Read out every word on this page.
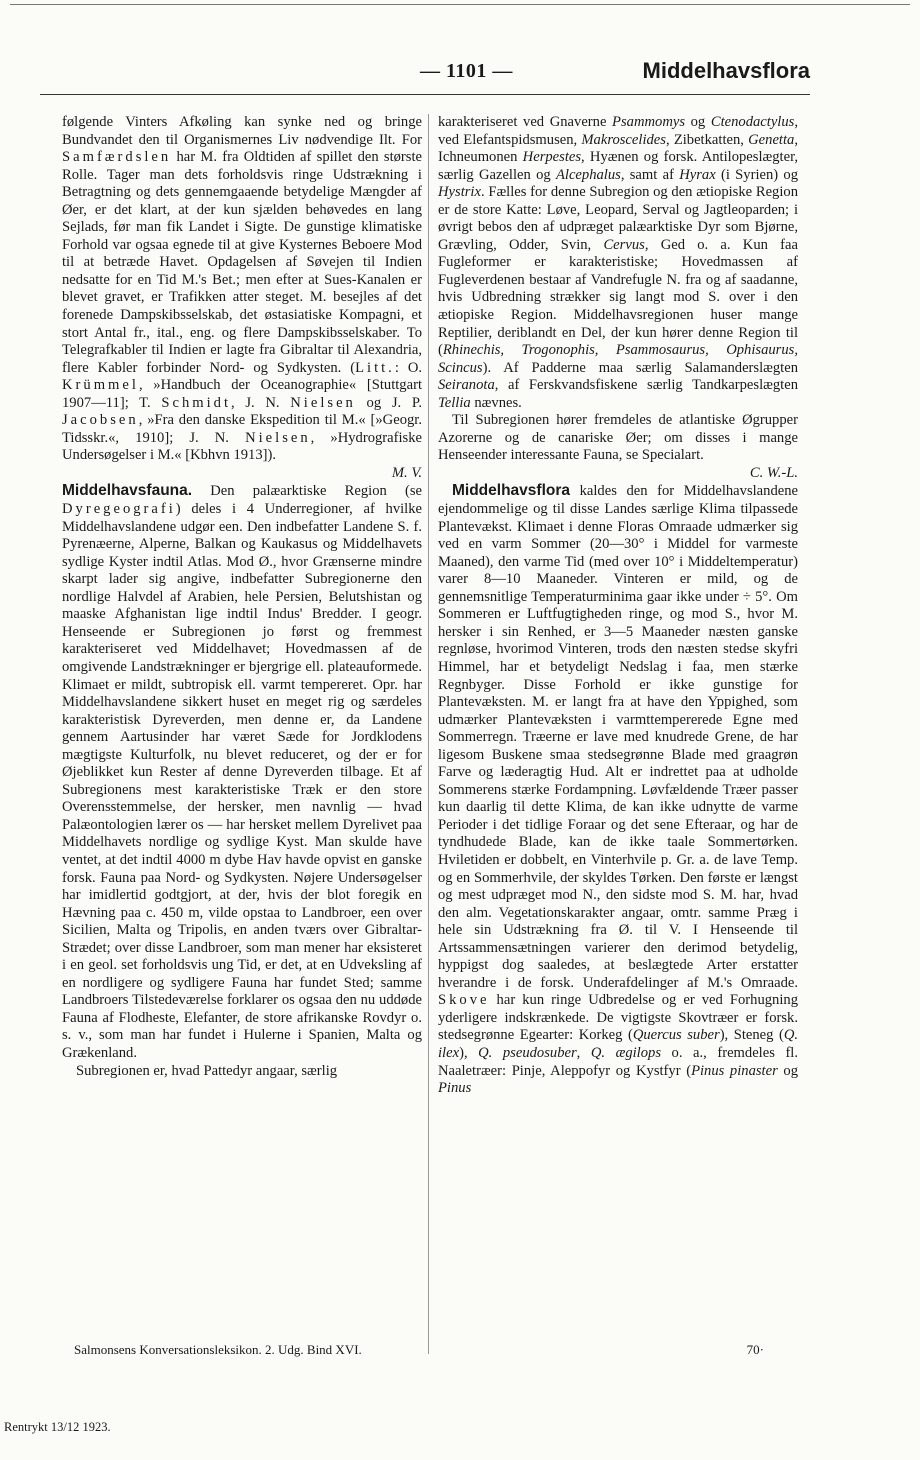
— 1101 —	Middelhavsflora

følgende Vinters Afkøling kan synke ned og bringe Bundvandet den til Organismernes Liv nødvendige Ilt. For Samfærdslen har M. fra Oldtiden af spillet den største Rolle. Tager man dets forholdsvis ringe Udstrækning i Betragtning og dets gennemgaaende betydelige Mængder af Øer, er det klart, at der kun sjælden behøvedes en lang Sejlads, før man fik Landet i Sigte. De gunstige klimatiske Forhold var ogsaa egnede til at give Kysternes Beboere Mod til at betræde Havet. Opdagelsen af Søvejen til Indien nedsatte for en Tid M.'s Bet.; men efter at Sues-Kanalen er blevet gravet, er Trafikken atter steget. M. besejles af det forenede Dampskibsselskab, det østasiatiske Kompagni, et stort Antal fr., ital., eng. og flere Dampskibsselskaber. To Telegrafkabler til Indien er lagte fra Gibraltar til Alexandria, flere Kabler forbinder Nord- og Sydkysten. (Litt.: O. Krümmel, »Handbuch der Oceanographie« [Stuttgart 1907—11]; T. Schmidt, J. N. Nielsen og J. P. Jacobsen, »Fra den danske Ekspedition til M.« [»Geogr. Tidsskr.«, 1910]; J. N. Nielsen, »Hydrografiske Undersøgelser i M.« [Kbhvn 1913]).

M. V.

Middelhavsfauna. Den palæarktiske Region (se Dyregeografi) deles i 4 Underregioner, af hvilke Middelhavslandene udgør een. Den indbefatter Landene S. f. Pyrenæerne, Alperne, Balkan og Kaukasus og Middelhavets sydlige Kyster indtil Atlas. Mod Ø., hvor Grænserne mindre skarpt lader sig angive, indbefatter Subregionerne den nordlige Halvdel af Arabien, hele Persien, Belutshistan og maaske Afghanistan lige indtil Indus' Bredder. I geogr. Henseende er Subregionen jo først og fremmest karakteriseret ved Middelhavet; Hovedmassen af de omgivende Landstrækninger er bjergrige ell. plateauformede. Klimaet er mildt, subtropisk ell. varmt tempereret. Opr. har Middelhavslandene sikkert huset en meget rig og særdeles karakteristisk Dyreverden, men denne er, da Landene gennem Aartusinder har været Sæde for Jordklodens mægtigste Kulturfolk, nu blevet reduceret, og der er for Øjeblikket kun Rester af denne Dyreverden tilbage. Et af Subregionens mest karakteristiske Træk er den store Overensstemmelse, der hersker, men navnlig — hvad Palæontologien lærer os — har hersket mellem Dyrelivet paa Middelhavets nordlige og sydlige Kyst. Man skulde have ventet, at det indtil 4000 m dybe Hav havde opvist en ganske forsk. Fauna paa Nord- og Sydkysten. Nøjere Undersøgelser har imidlertid godtgjort, at der, hvis der blot foregik en Hævning paa c. 450 m, vilde opstaa to Landbroer, een over Sicilien, Malta og Tripolis, en anden tværs over Gibraltar-Strædet; over disse Landbroer, som man mener har eksisteret i en geol. set forholdsvis ung Tid, er det, at en Udveksling af en nordligere og sydligere Fauna har fundet Sted; samme Landbroers Tilstedeværelse forklarer os ogsaa den nu uddøde Fauna af Flodheste, Elefanter, de store afrikanske Rovdyr o. s. v., som man har fundet i Hulerne i Spanien, Malta og Grækenland.

Subregionen er, hvad Pattedyr angaar, særlig

karakteriseret ved Gnaverne Psammomys og Ctenodactylus, ved Elefantspidsmusen, Makroscelides, Zibetkatten, Genetta, Ichneumonen Herpestes, Hyænen og forsk. Antilopeslægter, særlig Gazellen og Alcephalus, samt af Hyrax (i Syrien) og Hystrix. Fælles for denne Subregion og den ætiopiske Region er de store Katte: Løve, Leopard, Serval og Jagtleoparden; i øvrigt bebos den af udpræget palæarktiske Dyr som Bjørne, Grævling, Odder, Svin, Cervus, Ged o. a. Kun faa Fugleformer er karakteristiske; Hovedmassen af Fugleverdenen bestaar af Vandrefugle N. fra og af saadanne, hvis Udbredning strækker sig langt mod S. over i den ætiopiske Region. Middelhavsregionen huser mange Reptilier, deriblandt en Del, der kun hører denne Region til (Rhinechis, Trogonophis, Psammosaurus, Ophisaurus, Scincus). Af Padderne maa særlig Salamanderslægten Seiranota, af Ferskvandsfiskene særlig Tandkarpeslægten Tellia nævnes.

Til Subregionen hører fremdeles de atlantiske Øgrupper Azorerne og de canariske Øer; om disses i mange Henseender interessante Fauna, se Specialart.

C. W.-L.

Middelhavsflora kaldes den for Middelhavslandene ejendommelige og til disse Landes særlige Klima tilpassede Plantevækst. Klimaet i denne Floras Omraade udmærker sig ved en varm Sommer (20—30° i Middel for varmeste Maaned), den varme Tid (med over 10° i Middeltemperatur) varer 8—10 Maaneder. Vinteren er mild, og de gennemsnitlige Temperaturminima gaar ikke under ÷ 5°. Om Sommeren er Luftfugtigheden ringe, og mod S., hvor M. hersker i sin Renhed, er 3—5 Maaneder næsten ganske regnløse, hvorimod Vinteren, trods den næsten stedse skyfri Himmel, har et betydeligt Nedslag i faa, men stærke Regnbyger. Disse Forhold er ikke gunstige for Plantevæksten. M. er langt fra at have den Yppighed, som udmærker Plantevæksten i varmttempererede Egne med Sommerregn. Træerne er lave med knudrede Grene, de har ligesom Buskene smaa stedsegrønne Blade med graagrøn Farve og læderagtig Hud. Alt er indrettet paa at udholde Sommerens stærke Fordampning. Løvfældende Træer passer kun daarlig til dette Klima, de kan ikke udnytte de varme Perioder i det tidlige Foraar og det sene Efteraar, og har de tyndhudede Blade, kan de ikke taale Sommertørken. Hviletiden er dobbelt, en Vinterhvile p. Gr. a. de lave Temp. og en Sommerhvile, der skyldes Tørken. Den første er længst og mest udpræget mod N., den sidste mod S. M. har, hvad den alm. Vegetationskarakter angaar, omtr. samme Præg i hele sin Udstrækning fra Ø. til V. I Henseende til Artssammensætningen varierer den derimod betydelig, hyppigst dog saaledes, at beslægtede Arter erstatter hverandre i de forsk. Underafdelinger af M.'s Omraade. Skove har kun ringe Udbredelse og er ved Forhugning yderligere indskrænkede. De vigtigste Skovtræer er forsk. stedsegrønne Egearter: Korkeg (Quercus suber), Steneg (Q. ilex), Q. pseudosuber, Q. ægilops o. a., fremdeles fl. Naaletræer: Pinje, Aleppofyr og Kystfyr (Pinus pinaster og Pinus

Salmonsens Konversationsleksikon. 2. Udg. Bind XVI.	70·
Rentrykt 13/12 1923.
